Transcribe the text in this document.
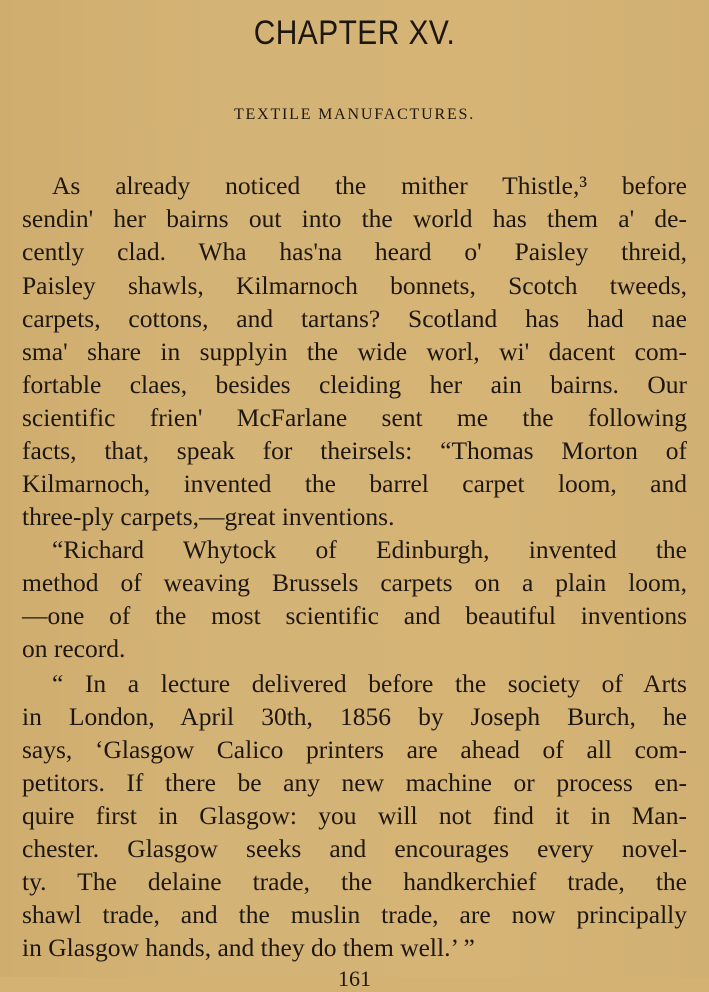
CHAPTER XV.
TEXTILE MANUFACTURES.
As already noticed the mither Thistle,³ before
sendin' her bairns out into the world has them a' de-
cently clad. Wha has'na heard o' Paisley threid,
Paisley shawls, Kilmarnoch bonnets, Scotch tweeds,
carpets, cottons, and tartans? Scotland has had nae
sma' share in supplyin the wide worl, wi' dacent com-
fortable claes, besides cleiding her ain bairns. Our
scientific frien' McFarlane sent me the following
facts, that, speak for theirsels: “Thomas Morton of
Kilmarnoch, invented the barrel carpet loom, and
three-ply carpets,—great inventions.
“Richard Whytock of Edinburgh, invented the
method of weaving Brussels carpets on a plain loom,
—one of the most scientific and beautiful inventions
on record.
“ In a lecture delivered before the society of Arts
in London, April 30th, 1856 by Joseph Burch, he
says, ‘Glasgow Calico printers are ahead of all com-
petitors. If there be any new machine or process en-
quire first in Glasgow: you will not find it in Man-
chester. Glasgow seeks and encourages every novel-
ty. The delaine trade, the handkerchief trade, the
shawl trade, and the muslin trade, are now principally
in Glasgow hands, and they do them well.’ ”
161
